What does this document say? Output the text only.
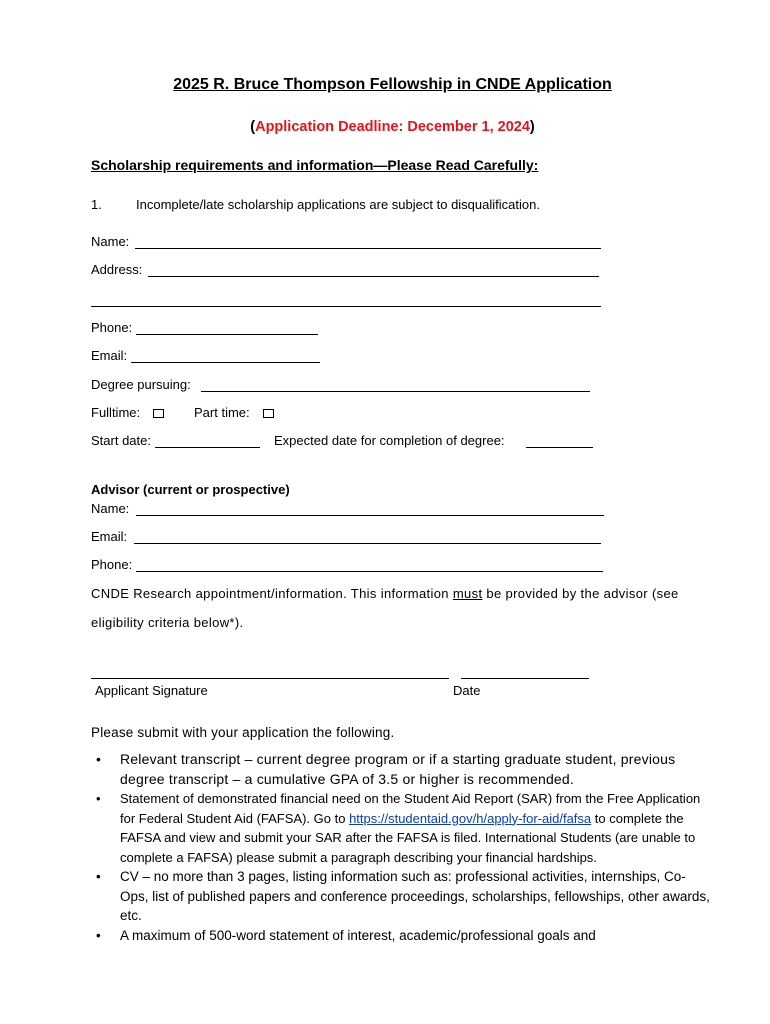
2025 R. Bruce Thompson Fellowship in CNDE Application
(Application Deadline: December 1, 2024)
Scholarship requirements and information—Please Read Carefully:
1.	Incomplete/late scholarship applications are subject to disqualification.
Name:
Address:
Phone:
Email:
Degree pursuing:
Fulltime:	Part time:
Start date:	Expected date for completion of degree:
Advisor (current or prospective)
Name:
Email:
Phone:
CNDE Research appointment/information. This information must be provided by the advisor (see
eligibility criteria below*).
Applicant Signature	Date
Please submit with your application the following.
• Relevant transcript – current degree program or if a starting graduate student, previous degree transcript – a cumulative GPA of 3.5 or higher is recommended.
• Statement of demonstrated financial need on the Student Aid Report (SAR) from the Free Application for Federal Student Aid (FAFSA). Go to https://studentaid.gov/h/apply-for-aid/fafsa to complete the FAFSA and view and submit your SAR after the FAFSA is filed. International Students (are unable to complete a FAFSA) please submit a paragraph describing your financial hardships.
• CV – no more than 3 pages, listing information such as: professional activities, internships, Co-Ops, list of published papers and conference proceedings, scholarships, fellowships, other awards, etc.
• A maximum of 500-word statement of interest, academic/professional goals and
